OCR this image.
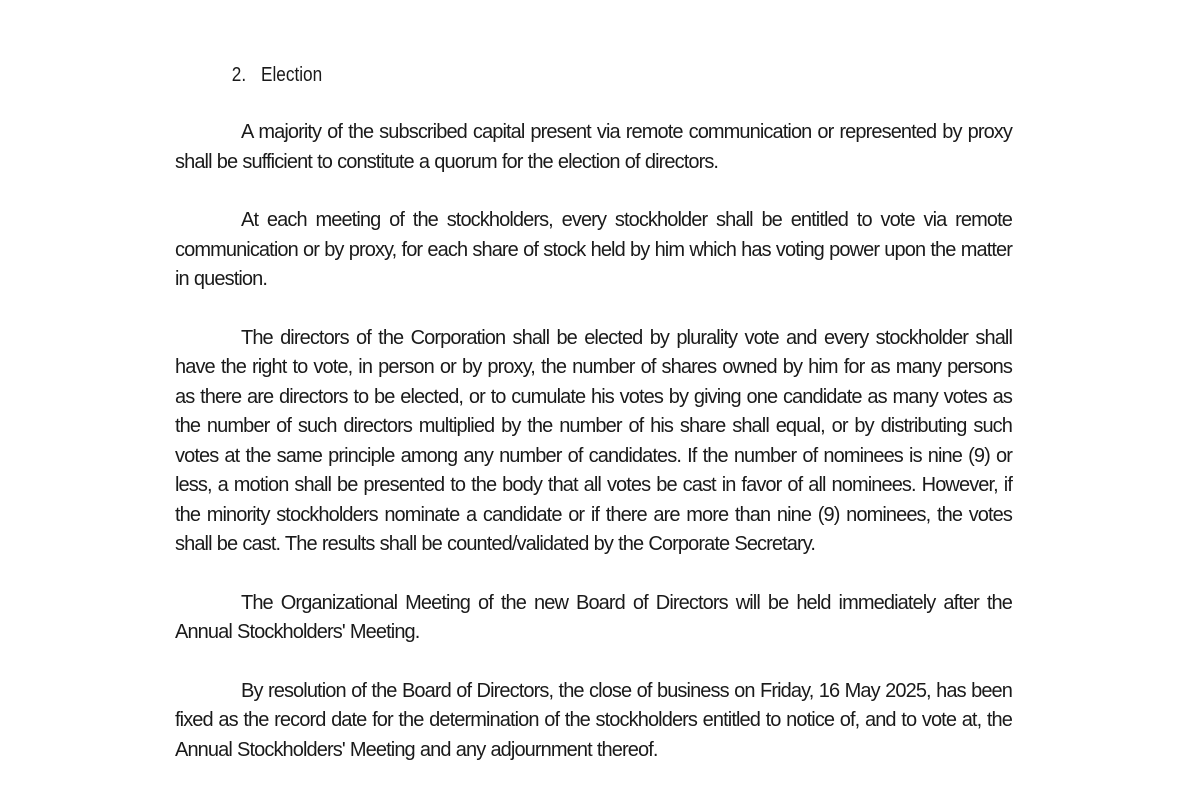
2. Election

A majority of the subscribed capital present via remote communication or represented by proxy shall be sufficient to constitute a quorum for the election of directors.

At each meeting of the stockholders, every stockholder shall be entitled to vote via remote communication or by proxy, for each share of stock held by him which has voting power upon the matter in question.

The directors of the Corporation shall be elected by plurality vote and every stockholder shall have the right to vote, in person or by proxy, the number of shares owned by him for as many persons as there are directors to be elected, or to cumulate his votes by giving one candidate as many votes as the number of such directors multiplied by the number of his share shall equal, or by distributing such votes at the same principle among any number of candidates. If the number of nominees is nine (9) or less, a motion shall be presented to the body that all votes be cast in favor of all nominees. However, if the minority stockholders nominate a candidate or if there are more than nine (9) nominees, the votes shall be cast. The results shall be counted/validated by the Corporate Secretary.

The Organizational Meeting of the new Board of Directors will be held immediately after the Annual Stockholders' Meeting.

By resolution of the Board of Directors, the close of business on Friday, 16 May 2025, has been fixed as the record date for the determination of the stockholders entitled to notice of, and to vote at, the Annual Stockholders' Meeting and any adjournment thereof.
